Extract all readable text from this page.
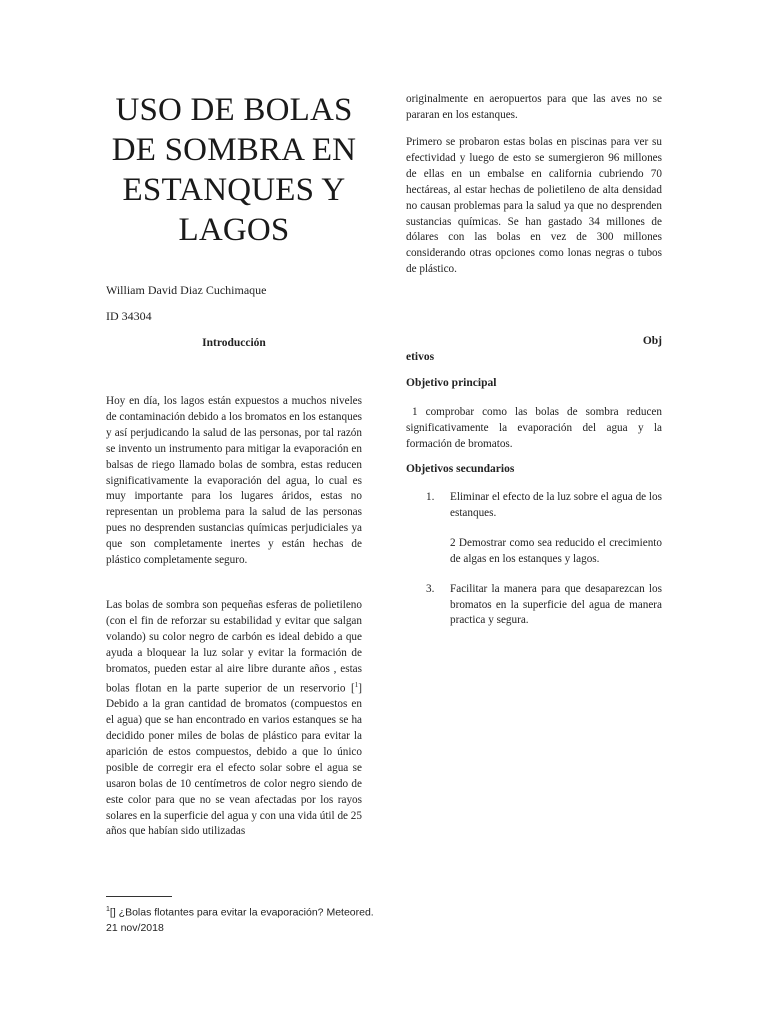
USO DE BOLAS DE SOMBRA EN ESTANQUES Y LAGOS
William David Diaz Cuchimaque
ID 34304
Introducción
Hoy en día, los lagos están expuestos a muchos niveles de contaminación debido a los bromatos en los estanques y así perjudicando la salud de las personas, por tal razón se invento un instrumento para mitigar la evaporación en balsas de riego llamado bolas de sombra, estas reducen significativamente la evaporación del agua, lo cual es muy importante para los lugares áridos, estas no representan un problema para la salud de las personas pues no desprenden sustancias químicas perjudiciales ya que son completamente inertes y están hechas de plástico completamente seguro.
Las bolas de sombra son pequeñas esferas de polietileno (con el fin de reforzar su estabilidad y evitar que salgan volando) su color negro de carbón es ideal debido a que ayuda a bloquear la luz solar y evitar la formación de bromatos, pueden estar al aire libre durante años , estas bolas flotan en la parte superior de un reservorio [$^1$] Debido a la gran cantidad de bromatos (compuestos en el agua) que se han encontrado en varios estanques se ha decidido poner miles de bolas de plástico para evitar la aparición de estos compuestos, debido a que lo único posible de corregir era el efecto solar sobre el agua se usaron bolas de 10 centímetros de color negro siendo de este color para que no se vean afectadas por los rayos solares en la superficie del agua y con una vida útil de 25 años que habían sido utilizadas
$^1$[] ¿Bolas flotantes para evitar la evaporación? Meteored. 21 nov/2018
originalmente en aeropuertos para que las aves no se pararan en los estanques.
Primero se probaron estas bolas en piscinas para ver su efectividad y luego de esto se sumergieron 96 millones de ellas en un embalse en california cubriendo 70 hectáreas, al estar hechas de polietileno de alta densidad no causan problemas para la salud ya que no desprenden sustancias químicas. Se han gastado 34 millones de dólares con las bolas en vez de 300 millones considerando otras opciones como lonas negras o tubos de plástico.
Obj
etivos
Objetivo principal
1 comprobar como las bolas de sombra reducen significativamente la evaporación del agua y la formación de bromatos.
Objetivos secundarios
1.	Eliminar el efecto de la luz sobre el agua de los estanques.
2 Demostrar como sea reducido el crecimiento de algas en los estanques y lagos.
3.	Facilitar la manera para que desaparezcan los bromatos en la superficie del agua de manera practica y segura.
